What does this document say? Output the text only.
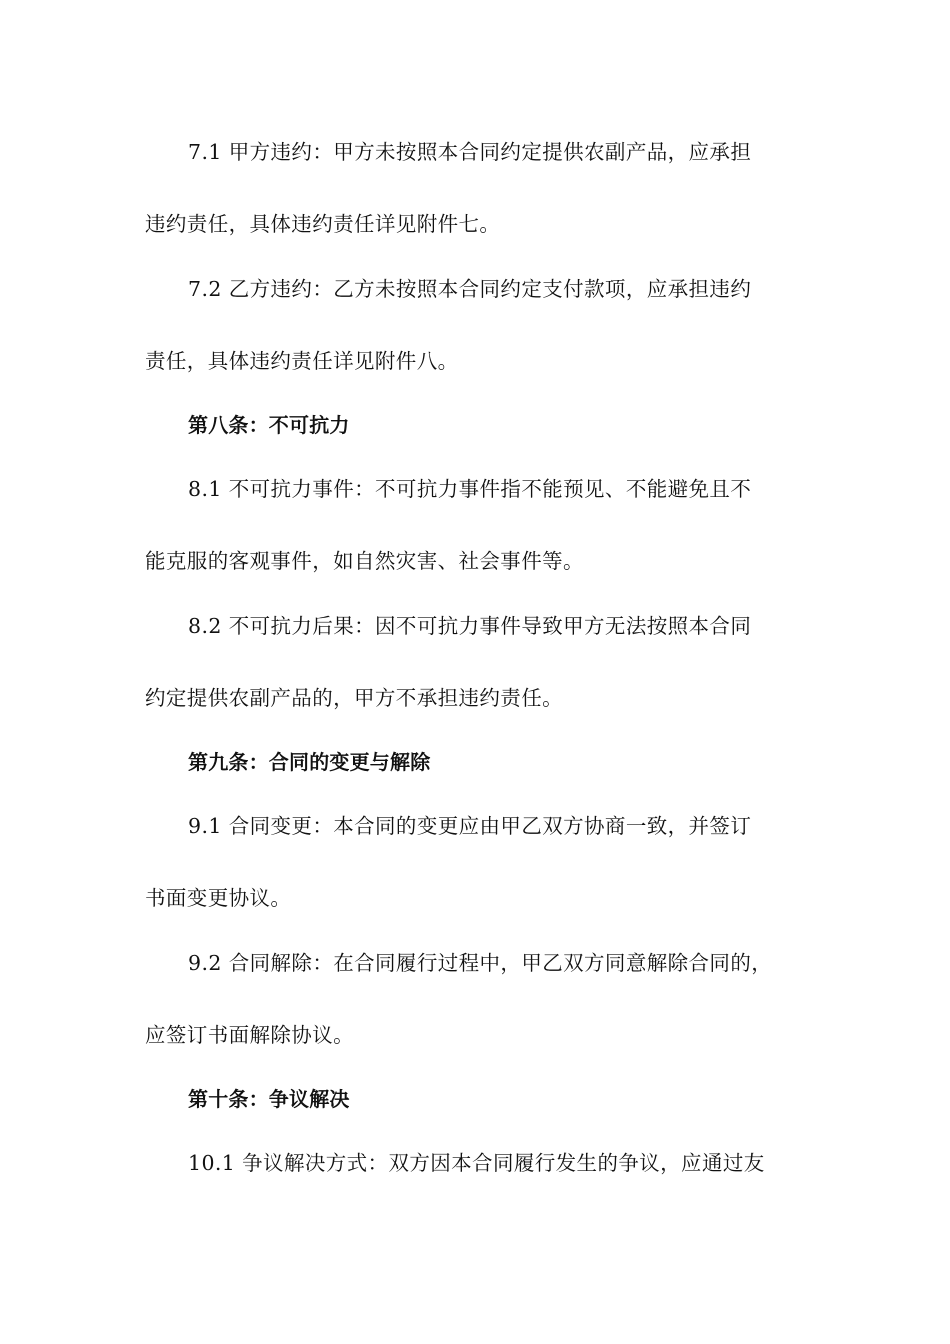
7.1 甲方违约：甲方未按照本合同约定提供农副产品，应承担
违约责任，具体违约责任详见附件七。
7.2 乙方违约：乙方未按照本合同约定支付款项，应承担违约
责任，具体违约责任详见附件八。
第八条：不可抗力
8.1 不可抗力事件：不可抗力事件指不能预见、不能避免且不
能克服的客观事件，如自然灾害、社会事件等。
8.2 不可抗力后果：因不可抗力事件导致甲方无法按照本合同
约定提供农副产品的，甲方不承担违约责任。
第九条：合同的变更与解除
9.1 合同变更：本合同的变更应由甲乙双方协商一致，并签订
书面变更协议。
9.2 合同解除：在合同履行过程中，甲乙双方同意解除合同的，
应签订书面解除协议。
第十条：争议解决
10.1 争议解决方式：双方因本合同履行发生的争议，应通过友
